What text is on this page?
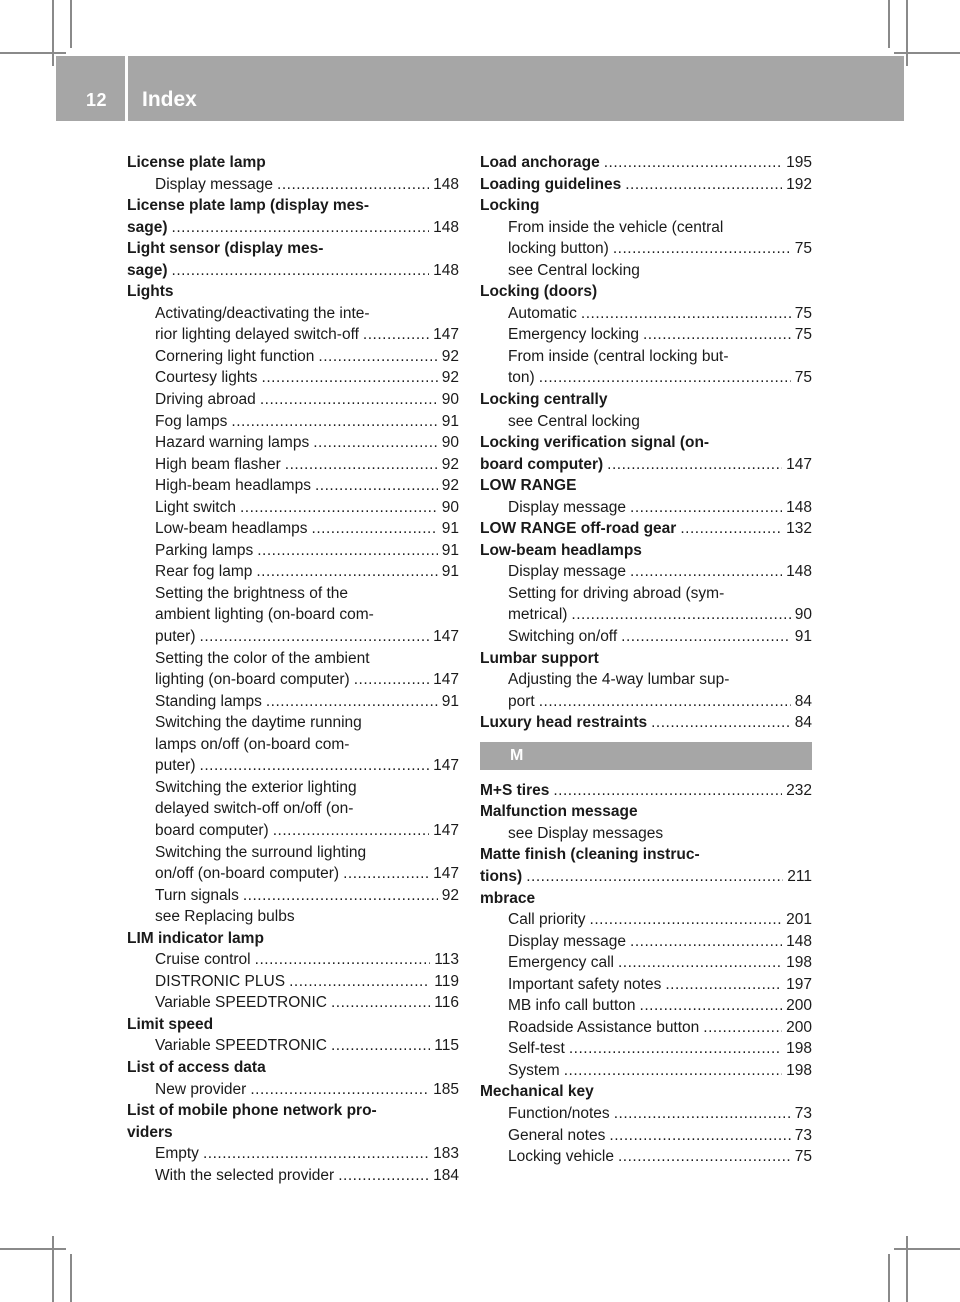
12 Index
License plate lamp
Display message . . .	148
License plate lamp (display mes-
sage) . . .	148
Light sensor (display mes-
sage) . . .	148
Lights
Activating/deactivating the inte-
rior lighting delayed switch-off . . .	147
Cornering light function . . .	92
Courtesy lights . . .	92
Driving abroad . . .	90
Fog lamps . . .	91
Hazard warning lamps . . .	90
High beam flasher . . .	92
High-beam headlamps . . .	92
Light switch . . .	90
Low-beam headlamps . . .	91
Parking lamps . . .	91
Rear fog lamp . . .	91
Setting the brightness of the
ambient lighting (on-board com-
puter) . . .	147
Setting the color of the ambient
lighting (on-board computer) . . .	147
Standing lamps . . .	91
Switching the daytime running
lamps on/off (on-board com-
puter) . . .	147
Switching the exterior lighting
delayed switch-off on/off (on-
board computer) . . .	147
Switching the surround lighting
on/off (on-board computer) . . .	147
Turn signals . . .	92
see Replacing bulbs
LIM indicator lamp
Cruise control . . .	113
DISTRONIC PLUS . . .	119
Variable SPEEDTRONIC . . .	116
Limit speed
Variable SPEEDTRONIC . . .	115
List of access data
New provider . . .	185
List of mobile phone network pro-
viders
Empty . . .	183
With the selected provider . . .	184
Load anchorage . . .	195
Loading guidelines . . .	192
Locking
From inside the vehicle (central
locking button) . . .	75
see Central locking
Locking (doors)
Automatic . . .	75
Emergency locking . . .	75
From inside (central locking but-
ton) . . .	75
Locking centrally
see Central locking
Locking verification signal (on-
board computer) . . .	147
LOW RANGE
Display message . . .	148
LOW RANGE off-road gear . . .	132
Low-beam headlamps
Display message . . .	148
Setting for driving abroad (sym-
metrical) . . .	90
Switching on/off . . .	91
Lumbar support
Adjusting the 4-way lumbar sup-
port . . .	84
Luxury head restraints . . .	84
M
M+S tires . . .	232
Malfunction message
see Display messages
Matte finish (cleaning instruc-
tions) . . .	211
mbrace
Call priority . . .	201
Display message . . .	148
Emergency call . . .	198
Important safety notes . . .	197
MB info call button . . .	200
Roadside Assistance button . . .	200
Self-test . . .	198
System . . .	198
Mechanical key
Function/notes . . .	73
General notes . . .	73
Locking vehicle . . .	75
